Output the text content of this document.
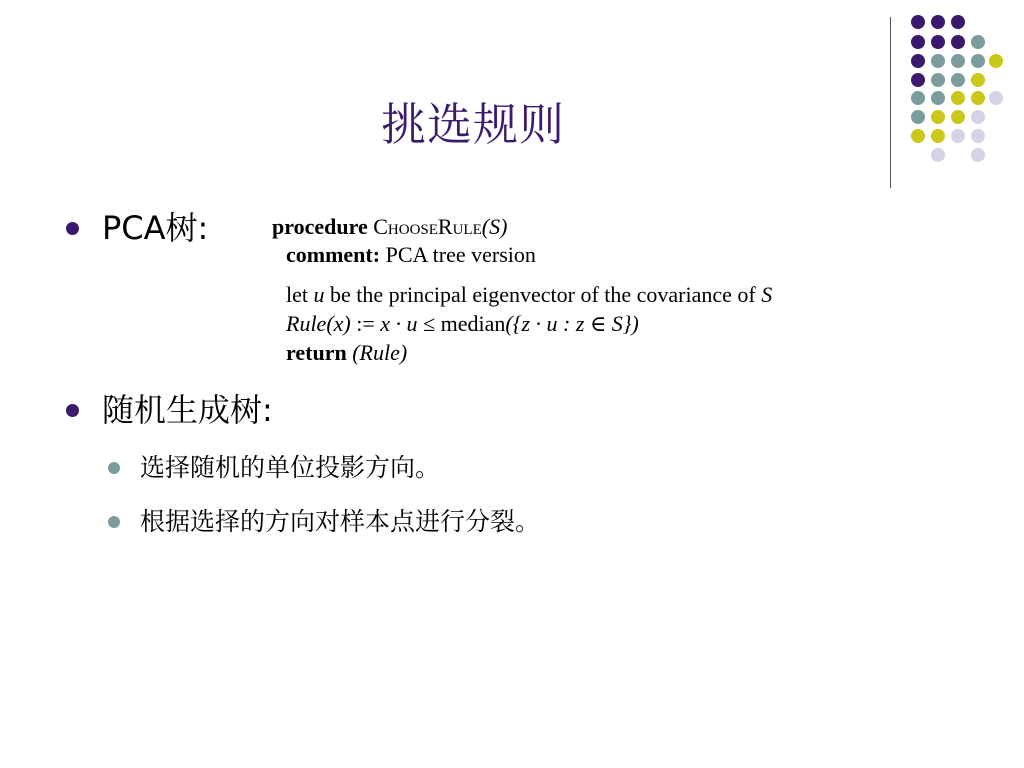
挑选规则
PCA树:	procedure ChooseRule(S)
comment: PCA tree version
let u be the principal eigenvector of the covariance of S
Rule(x) := x · u ≤ median({z · u : z ∈ S})
return (Rule)
随机生成树:
选择随机的单位投影方向。
根据选择的方向对样本点进行分裂。
